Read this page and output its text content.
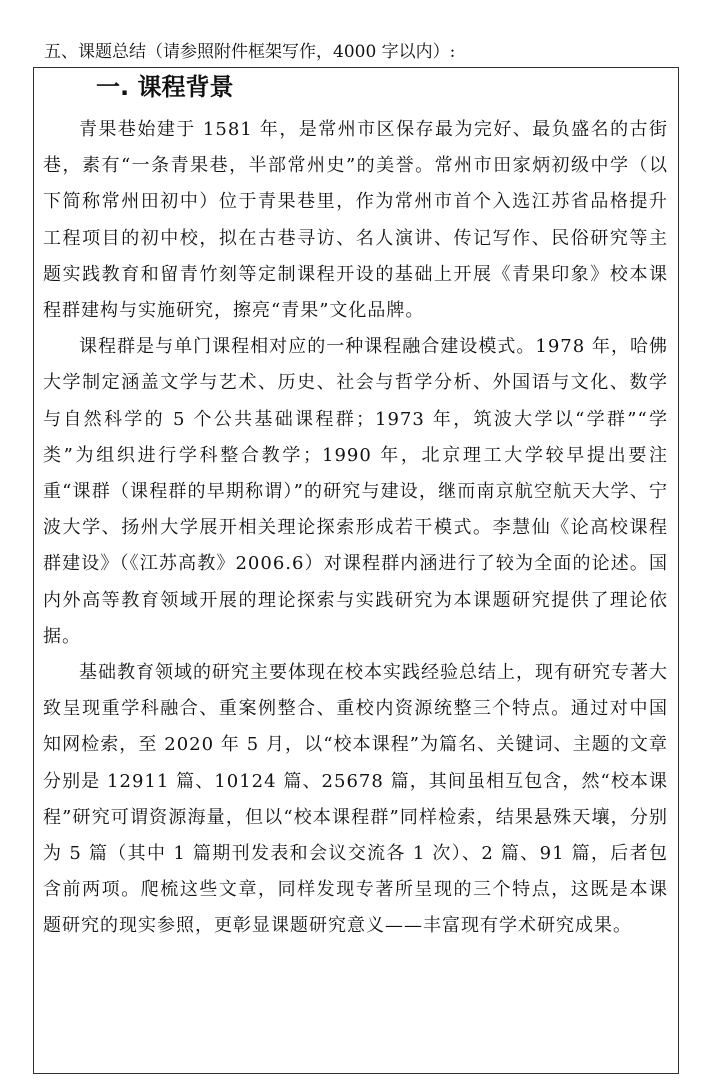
五、课题总结（请参照附件框架写作，4000 字以内）:
一. 课程背景

青果巷始建于 1581 年，是常州市区保存最为完好、最负盛名的古街巷，素有“一条青果巷，半部常州史”的美誉。常州市田家炳初级中学（以下简称常州田初中）位于青果巷里，作为常州市首个入选江苏省品格提升工程项目的初中校，拟在古巷寻访、名人演讲、传记写作、民俗研究等主题实践教育和留青竹刻等定制课程开设的基础上开展《青果印象》校本课程群建构与实施研究，擦亮“青果”文化品牌。

课程群是与单门课程相对应的一种课程融合建设模式。1978 年，哈佛大学制定涵盖文学与艺术、历史、社会与哲学分析、外国语与文化、数学与自然科学的 5 个公共基础课程群；1973 年，筑波大学以“学群”“学类”为组织进行学科整合教学；1990 年，北京理工大学较早提出要注重“课群（课程群的早期称谓）”的研究与建设，继而南京航空航天大学、宁波大学、扬州大学展开相关理论探索形成若干模式。李慧仙《论高校课程群建设》（《江苏高教》2006.6）对课程群内涵进行了较为全面的论述。国内外高等教育领域开展的理论探索与实践研究为本课题研究提供了理论依据。

基础教育领域的研究主要体现在校本实践经验总结上，现有研究专著大致呈现重学科融合、重案例整合、重校内资源统整三个特点。通过对中国知网检索，至 2020 年 5 月，以“校本课程”为篇名、关键词、主题的文章分别是 12911 篇、10124 篇、25678 篇，其间虽相互包含，然“校本课程”研究可谓资源海量，但以“校本课程群”同样检索，结果悬殊天壤，分别为 5 篇（其中 1 篇期刊发表和会议交流各 1 次）、2 篇、91 篇，后者包含前两项。爬梳这些文章，同样发现专著所呈现的三个特点，这既是本课题研究的现实参照，更彰显课题研究意义——丰富现有学术研究成果。
